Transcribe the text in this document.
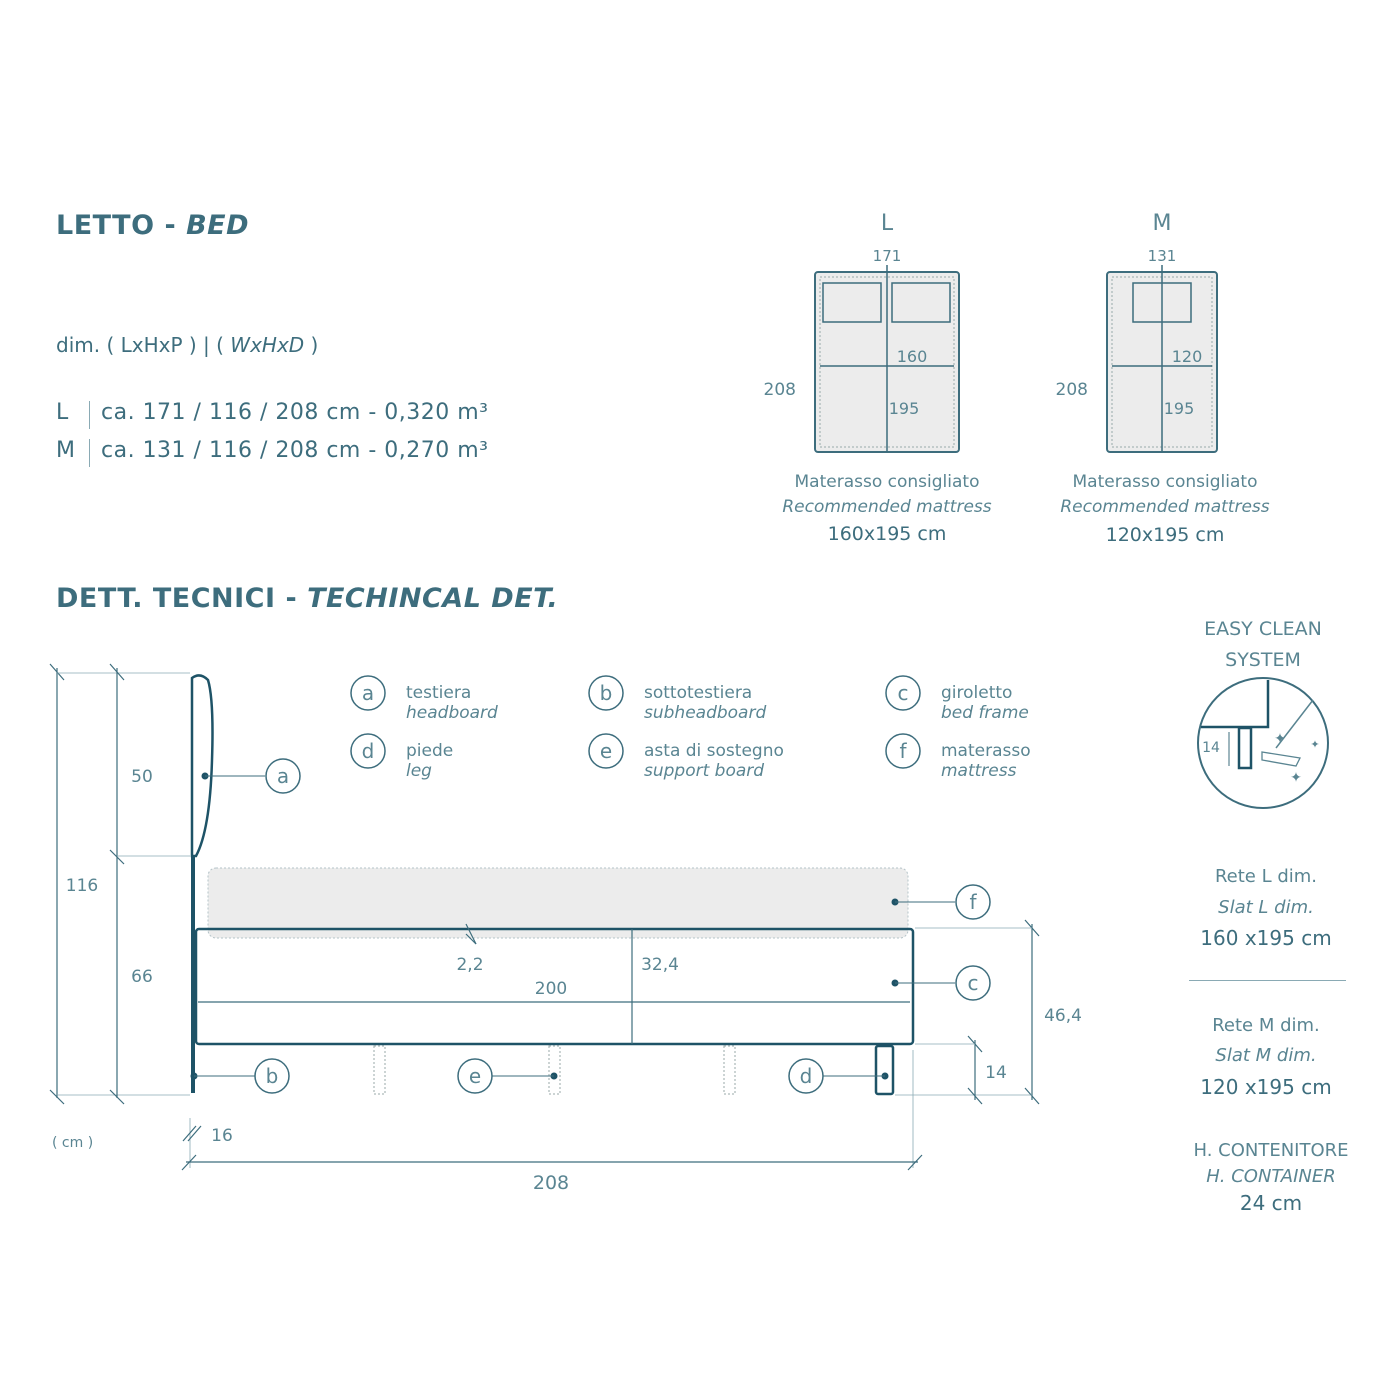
LETTO - BED
dim. ( LxHxP ) | ( WxHxD )
L ca. 171 / 116 / 208 cm - 0,320 m³
M ca. 131 / 116 / 208 cm - 0,270 m³
L
171
208
160
195
M
131
208
120
195
Materasso consigliato
Recommended mattress
160x195 cm
Materasso consigliato
Recommended mattress
120x195 cm
DETT. TECNICI - TECHINCAL DET.
a testiera
headboard
b sottotestiera
subheadboard
c giroletto
bed frame
d piede
leg
e asta di sostegno
support board
f materasso
mattress
116
50
66
( cm )
a
f
2,2	32,4
200	c
d
e
b
46,4
14
16
208
14
✦ ✦
✦
EASY CLEAN
SYSTEM
Rete L dim.
Slat L dim.
160 x195 cm
Rete M dim.
Slat M dim.
120 x195 cm
H. CONTENITORE
H. CONTAINER
24 cm
